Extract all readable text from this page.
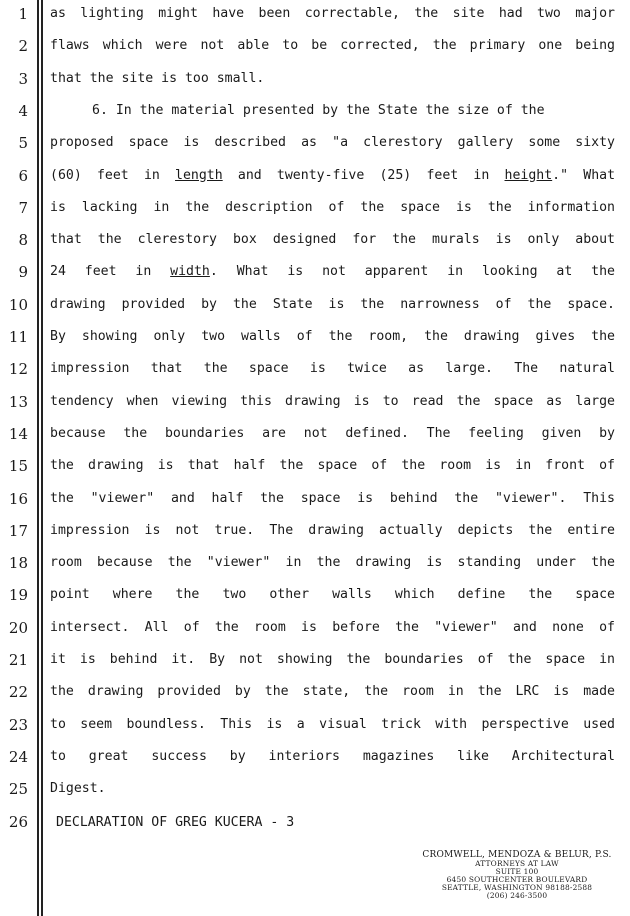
1
2
3
4
5
6
7
8
9
10
11
12
13
14
15
16
17
18
19
20
21
22
23
24
25
26
as lighting might have been correctable, the site had two major
flaws which were not able to be corrected, the primary one being
that the site is too small.
6. In the material presented by the State the size of the
proposed space is described as "a clerestory gallery some sixty
(60) feet in length and twenty-five (25) feet in height." What
is lacking in the description of the space is the information
that the clerestory box designed for the murals is only about
24 feet in width. What is not apparent in looking at the
drawing provided by the State is the narrowness of the space.
By showing only two walls of the room, the drawing gives the
impression that the space is twice as large. The natural
tendency when viewing this drawing is to read the space as large
because the boundaries are not defined. The feeling given by
the drawing is that half the space of the room is in front of
the "viewer" and half the space is behind the "viewer". This
impression is not true. The drawing actually depicts the entire
room because the "viewer" in the drawing is standing under the
point where the two other walls which define the space
intersect. All of the room is before the "viewer" and none of
it is behind it. By not showing the boundaries of the space in
the drawing provided by the state, the room in the LRC is made
to seem boundless. This is a visual trick with perspective used
to great success by interiors magazines like Architectural
Digest.
DECLARATION OF GREG KUCERA - 3
CROMWELL, MENDOZA & BELUR, P.S.
ATTORNEYS AT LAW
SUITE 100
6450 SOUTHCENTER BOULEVARD
SEATTLE, WASHINGTON 98188-2588
(206) 246-3500
